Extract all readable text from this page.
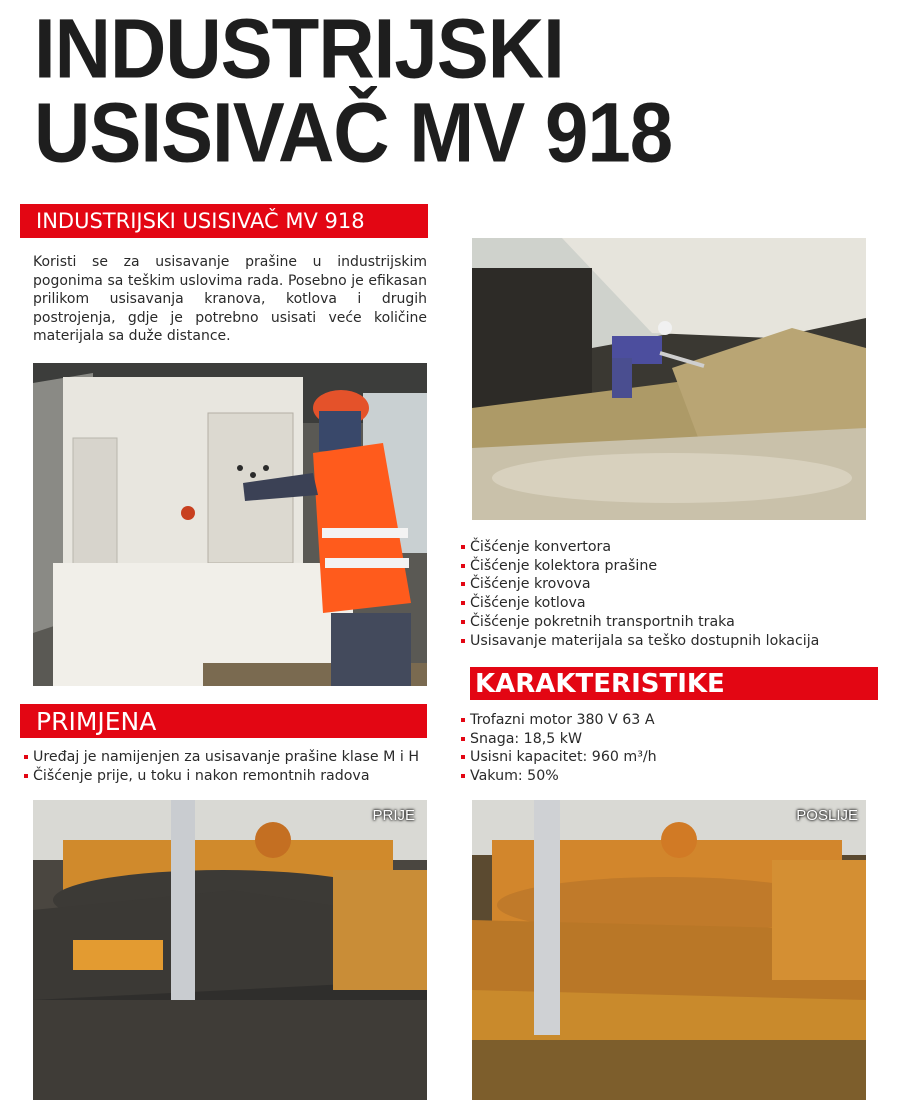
INDUSTRIJSKI
USISIVAČ MV 918
INDUSTRIJSKI USISIVAČ MV 918
Koristi se za usisavanje prašine u industrijskim pogonima sa teškim uslovima rada. Posebno je efikasan prilikom usisavanja kranova, kotlova i drugih postrojenja, gdje je potrebno usisati veće količine materijala sa duže distance.
Čišćenje konvertora
Čišćenje kolektora prašine
Čišćenje krovova
Čišćenje kotlova
Čišćenje pokretnih transportnih traka
Usisavanje materijala sa teško dostupnih lokacija
KARAKTERISTIKE
PRIMJENA	Trofazni motor 380 V 63 A
Snaga: 18,5 kW
Usisni kapacitet: 960 m³/h
Vakum: 50%
Uređaj je namijenjen za usisavanje prašine klase M i H
Čišćenje prije, u toku i nakon remontnih radova
PRIJE	POSLIJE
